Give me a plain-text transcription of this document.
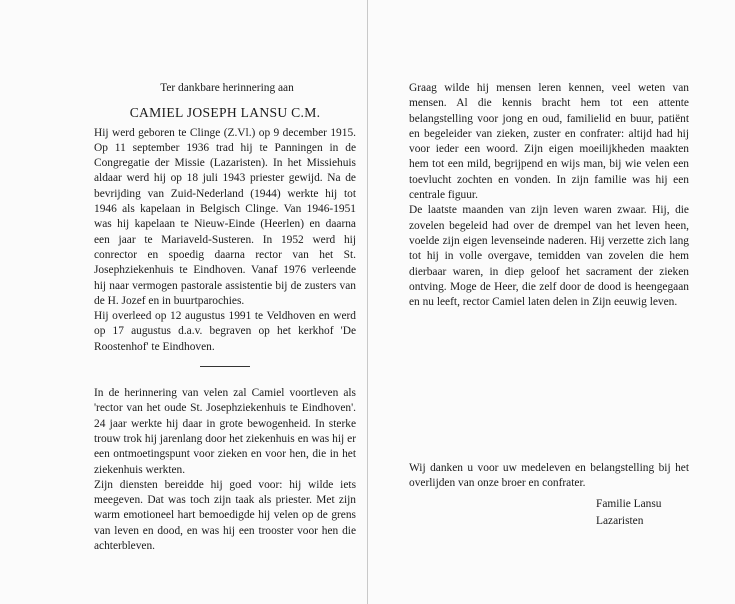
Ter dankbare herinnering aan

CAMIEL JOSEPH LANSU C.M.

Hij werd geboren te Clinge (Z.Vl.) op 9 december 1915. Op 11 september 1936 trad hij te Panningen in de Congregatie der Missie (Lazaristen). In het Missiehuis aldaar werd hij op 18 juli 1943 priester gewijd. Na de bevrijding van Zuid-Nederland (1944) werkte hij tot 1946 als kapelaan in Belgisch Clinge. Van 1946-1951 was hij kapelaan te Nieuw-Einde (Heerlen) en daarna een jaar te Mariaveld-Susteren. In 1952 werd hij conrector en spoedig daarna rector van het St. Josephziekenhuis te Eindhoven. Vanaf 1976 verleende hij naar vermogen pastorale assistentie bij de zusters van de H. Jozef en in buurtparochies.

Hij overleed op 12 augustus 1991 te Veldhoven en werd op 17 augustus d.a.v. begraven op het kerkhof 'De Roostenhof' te Eindhoven.

In de herinnering van velen zal Camiel voortleven als 'rector van het oude St. Josephziekenhuis te Eindhoven'. 24 jaar werkte hij daar in grote bewogenheid. In sterke trouw trok hij jarenlang door het ziekenhuis en was hij er een ontmoetingspunt voor zieken en voor hen, die in het ziekenhuis werkten.

Zijn diensten bereidde hij goed voor: hij wilde iets meegeven. Dat was toch zijn taak als priester. Met zijn warm emotioneel hart bemoedigde hij velen op de grens van leven en dood, en was hij een trooster voor hen die achterbleven.

Graag wilde hij mensen leren kennen, veel weten van mensen. Al die kennis bracht hem tot een attente belangstelling voor jong en oud, familielid en buur, patiënt en begeleider van zieken, zuster en confrater: altijd had hij voor ieder een woord. Zijn eigen moeilijkheden maakten hem tot een mild, begrijpend en wijs man, bij wie velen een toevlucht zochten en vonden. In zijn familie was hij een centrale figuur.

De laatste maanden van zijn leven waren zwaar. Hij, die zovelen begeleid had over de drempel van het leven heen, voelde zijn eigen levenseinde naderen. Hij verzette zich lang tot hij in volle overgave, temidden van zovelen die hem dierbaar waren, in diep geloof het sacrament der zieken ontving. Moge de Heer, die zelf door de dood is heengegaan en nu leeft, rector Camiel laten delen in Zijn eeuwig leven.

Wij danken u voor uw medeleven en belangstelling bij het overlijden van onze broer en confrater.

Familie Lansu
Lazaristen
